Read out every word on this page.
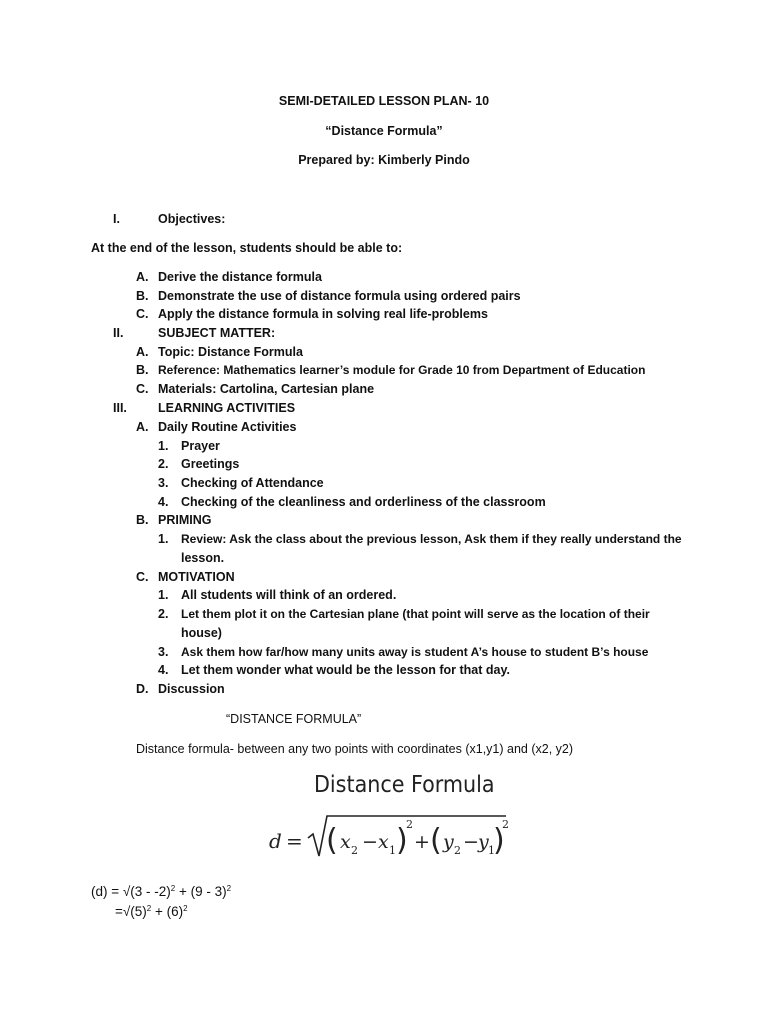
SEMI-DETAILED LESSON PLAN- 10
“Distance Formula”
Prepared by: Kimberly Pindo
I.	Objectives:
At the end of the lesson, students should be able to:
A. Derive the distance formula
B. Demonstrate the use of distance formula using ordered pairs
C. Apply the distance formula in solving real life-problems
II.	SUBJECT MATTER:
A. Topic: Distance Formula
B. Reference: Mathematics learner’s module for Grade 10 from Department of Education
C. Materials: Cartolina, Cartesian plane
III. LEARNING ACTIVITIES
A. Daily Routine Activities
1. Prayer
2. Greetings
3. Checking of Attendance
4. Checking of the cleanliness and orderliness of the classroom
B. PRIMING
1. Review: Ask the class about the previous lesson, Ask them if they really understand the
lesson.
C. MOTIVATION
1. All students will think of an ordered.
2. Let them plot it on the Cartesian plane (that point will serve as the location of their
house)
3. Ask them how far/how many units away is student A’s house to student B’s house
4. Let them wonder what would be the lesson for that day.
D. Discussion
“DISTANCE FORMULA”
Distance formula- between any two points with coordinates (x1,y1) and (x2, y2)
Distance Formula
d = ( x 2 − x 1 )
2
+ ( y 2 − y 1
)
2
(d) = √(3 - -2)$^2$ + (9 - 3)$^2$
$=√(5)^2 + (6)^2$
